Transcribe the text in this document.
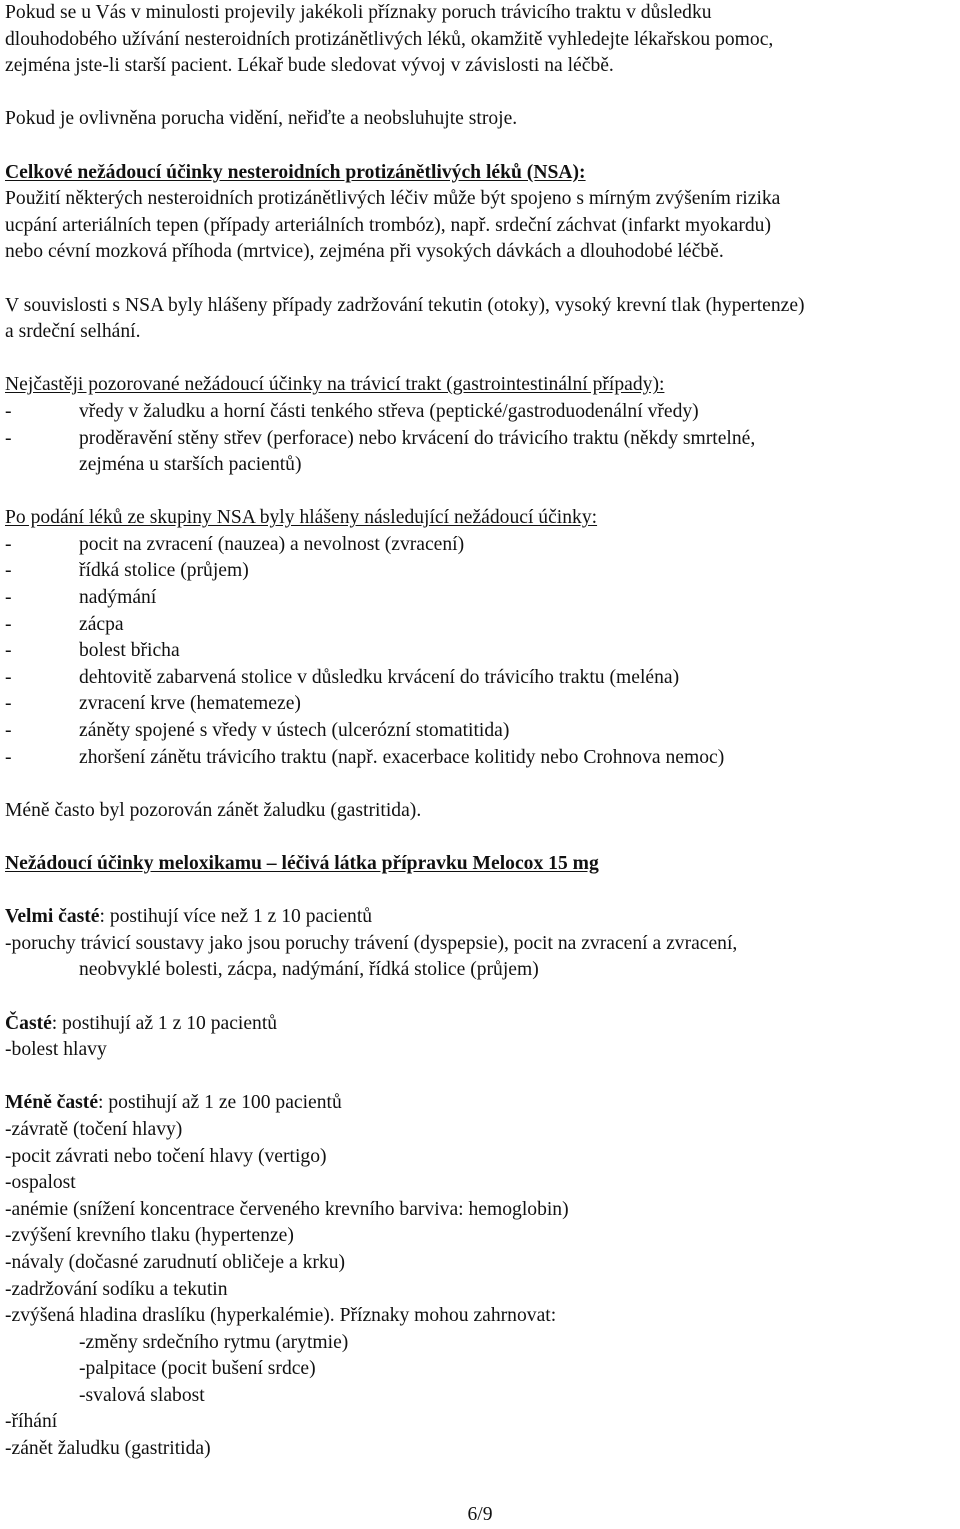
Pokud se u Vás v minulosti projevily jakékoli příznaky poruch trávicího traktu v důsledku
dlouhodobého užívání nesteroidních protizánětlivých léků, okamžitě vyhledejte lékařskou pomoc,
zejména jste-li starší pacient. Lékař bude sledovat vývoj v závislosti na léčbě.

Pokud je ovlivněna porucha vidění, neřiďte a neobsluhujte stroje.

Celkové nežádoucí účinky nesteroidních protizánětlivých léků (NSA):

Použití některých nesteroidních protizánětlivých léčiv může být spojeno s mírným zvýšením rizika
ucpání arteriálních tepen (případy arteriálních trombóz), např. srdeční záchvat (infarkt myokardu)
nebo cévní mozková příhoda (mrtvice), zejména při vysokých dávkách a dlouhodobé léčbě.

V souvislosti s NSA byly hlášeny případy zadržování tekutin (otoky), vysoký krevní tlak (hypertenze)
a srdeční selhání.

Nejčastěji pozorované nežádoucí účinky na trávicí trakt (gastrointestinální případy):

-	vředy v žaludku a horní části tenkého střeva (peptické/gastroduodenální vředy)
-	proděravění stěny střev (perforace) nebo krvácení do trávicího traktu (někdy smrtelné,
zejména u starších pacientů)

Po podání léků ze skupiny NSA byly hlášeny následující nežádoucí účinky:

-	pocit na zvracení (nauzea) a nevolnost (zvracení)
-	řídká stolice (průjem)
-	nadýmání
-	zácpa
-	bolest břicha
-	dehtovitě zabarvená stolice v důsledku krvácení do trávicího traktu (meléna)
-	zvracení krve (hematemeze)
-	záněty spojené s vředy v ústech (ulcerózní stomatitida)
-	zhoršení zánětu trávicího traktu (např. exacerbace kolitidy nebo Crohnova nemoc)

Méně často byl pozorován zánět žaludku (gastritida).

Nežádoucí účinky meloxikamu – léčivá látka přípravku Melocox 15 mg

Velmi časté: postihují více než 1 z 10 pacientů

-poruchy trávicí soustavy jako jsou poruchy trávení (dyspepsie), pocit na zvracení a zvracení,

neobvyklé bolesti, zácpa, nadýmání, řídká stolice (průjem)

Časté: postihují až 1 z 10 pacientů

-bolest hlavy

Méně časté: postihují až 1 ze 100 pacientů

-závratě (točení hlavy)

-pocit závrati nebo točení hlavy (vertigo)

-ospalost

-anémie (snížení koncentrace červeného krevního barviva: hemoglobin)

-zvýšení krevního tlaku (hypertenze)

-návaly (dočasné zarudnutí obličeje a krku)

-zadržování sodíku a tekutin

-zvýšená hladina draslíku (hyperkalémie). Příznaky mohou zahrnovat:

-změny srdečního rytmu (arytmie)

-palpitace (pocit bušení srdce)

-svalová slabost

-říhání

-zánět žaludku (gastritida)

6/9
